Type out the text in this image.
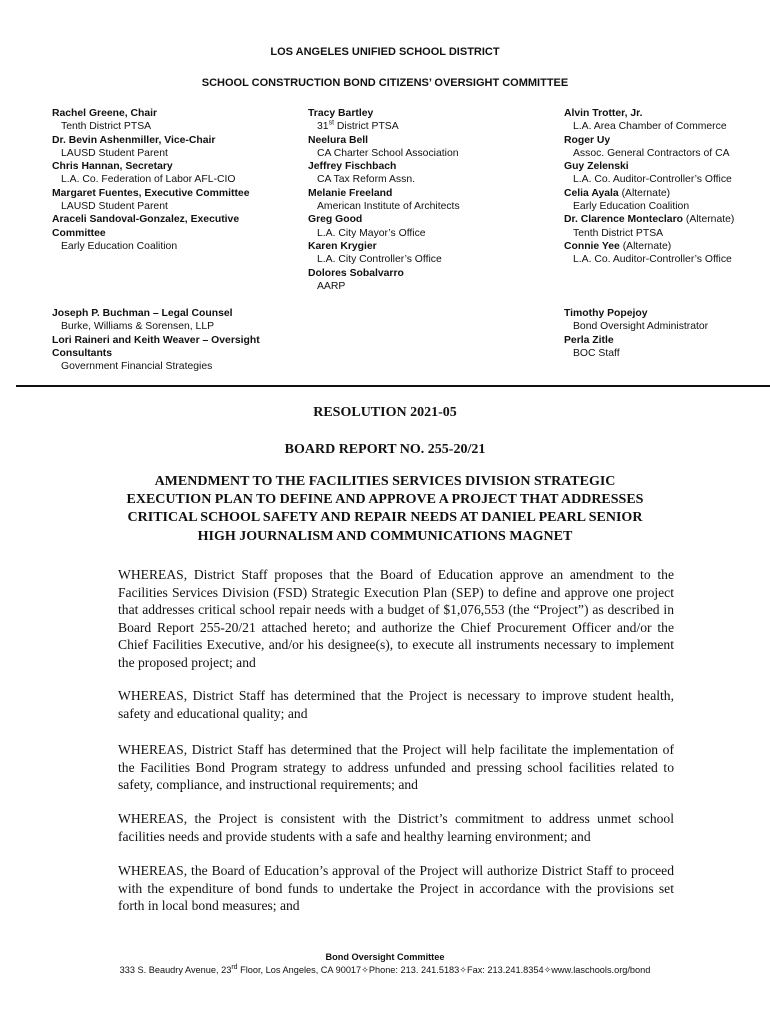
LOS ANGELES UNIFIED SCHOOL DISTRICT
SCHOOL CONSTRUCTION BOND CITIZENS’ OVERSIGHT COMMITTEE
Rachel Greene, Chair
Tenth District PTSA
Dr. Bevin Ashenmiller, Vice-Chair
LAUSD Student Parent
Chris Hannan, Secretary
L.A. Co. Federation of Labor AFL-CIO
Margaret Fuentes, Executive Committee
LAUSD Student Parent
Araceli Sandoval-Gonzalez, Executive
Committee
Early Education Coalition
Tracy Bartley
31st District PTSA
Neelura Bell
CA Charter School Association
Jeffrey Fischbach
CA Tax Reform Assn.
Melanie Freeland
American Institute of Architects
Greg Good
L.A. City Mayor’s Office
Karen Krygier
L.A. City Controller’s Office
Dolores Sobalvarro
AARP
Alvin Trotter, Jr.
L.A. Area Chamber of Commerce
Roger Uy
Assoc. General Contractors of CA
Guy Zelenski
L.A. Co. Auditor-Controller’s Office
Celia Ayala (Alternate)
Early Education Coalition
Dr. Clarence Monteclaro (Alternate)
Tenth District PTSA
Connie Yee (Alternate)
L.A. Co. Auditor-Controller’s Office
Joseph P. Buchman – Legal Counsel
Burke, Williams & Sorensen, LLP
Lori Raineri and Keith Weaver – Oversight
Consultants
Government Financial Strategies
Timothy Popejoy
Bond Oversight Administrator
Perla Zitle
BOC Staff
RESOLUTION 2021-05
BOARD REPORT NO. 255-20/21
AMENDMENT TO THE FACILITIES SERVICES DIVISION STRATEGIC
EXECUTION PLAN TO DEFINE AND APPROVE A PROJECT THAT ADDRESSES
CRITICAL SCHOOL SAFETY AND REPAIR NEEDS AT DANIEL PEARL SENIOR
HIGH JOURNALISM AND COMMUNICATIONS MAGNET

WHEREAS, District Staff proposes that the Board of Education approve an amendment to the Facilities Services Division (FSD) Strategic Execution Plan (SEP) to define and approve one project that addresses critical school repair needs with a budget of $1,076,553 (the “Project”) as described in Board Report 255-20/21 attached hereto; and authorize the Chief Procurement Officer and/or the Chief Facilities Executive, and/or his designee(s), to execute all instruments necessary to implement the proposed project; and

WHEREAS, District Staff has determined that the Project is necessary to improve student health, safety and educational quality; and

WHEREAS, District Staff has determined that the Project will help facilitate the implementation of the Facilities Bond Program strategy to address unfunded and pressing school facilities related to safety, compliance, and instructional requirements; and

WHEREAS, the Project is consistent with the District’s commitment to address unmet school facilities needs and provide students with a safe and healthy learning environment; and

WHEREAS, the Board of Education’s approval of the Project will authorize District Staff to proceed with the expenditure of bond funds to undertake the Project in accordance with the provisions set forth in local bond measures; and

Bond Oversight Committee
333 S. Beaudry Avenue, 23rd Floor, Los Angeles, CA 90017✧Phone: 213. 241.5183✧Fax: 213.241.8354✧www.laschools.org/bond
